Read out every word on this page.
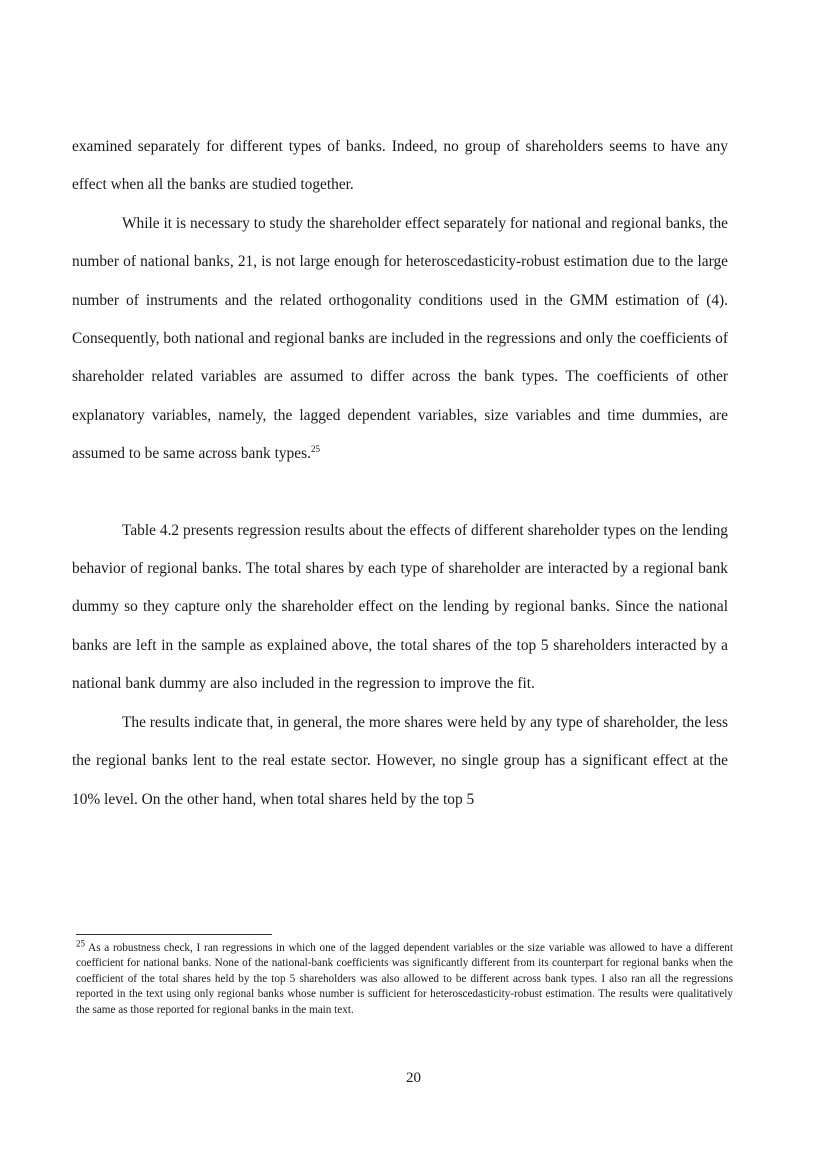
examined separately for different types of banks. Indeed, no group of shareholders seems to have any effect when all the banks are studied together.

While it is necessary to study the shareholder effect separately for national and regional banks, the number of national banks, 21, is not large enough for heteroscedasticity-robust estimation due to the large number of instruments and the related orthogonality conditions used in the GMM estimation of (4). Consequently, both national and regional banks are included in the regressions and only the coefficients of shareholder related variables are assumed to differ across the bank types. The coefficients of other explanatory variables, namely, the lagged dependent variables, size variables and time dummies, are assumed to be same across bank types.$^{25}$

Table 4.2 presents regression results about the effects of different shareholder types on the lending behavior of regional banks. The total shares by each type of shareholder are interacted by a regional bank dummy so they capture only the shareholder effect on the lending by regional banks. Since the national banks are left in the sample as explained above, the total shares of the top 5 shareholders interacted by a national bank dummy are also included in the regression to improve the fit.

The results indicate that, in general, the more shares were held by any type of shareholder, the less the regional banks lent to the real estate sector. However, no single group has a significant effect at the 10% level. On the other hand, when total shares held by the top 5

$^{25}$ As a robustness check, I ran regressions in which one of the lagged dependent variables or the size variable was allowed to have a different coefficient for national banks. None of the national-bank coefficients was significantly different from its counterpart for regional banks when the coefficient of the total shares held by the top 5 shareholders was also allowed to be different across bank types. I also ran all the regressions reported in the text using only regional banks whose number is sufficient for heteroscedasticity-robust estimation. The results were qualitatively the same as those reported for regional banks in the main text.

20
